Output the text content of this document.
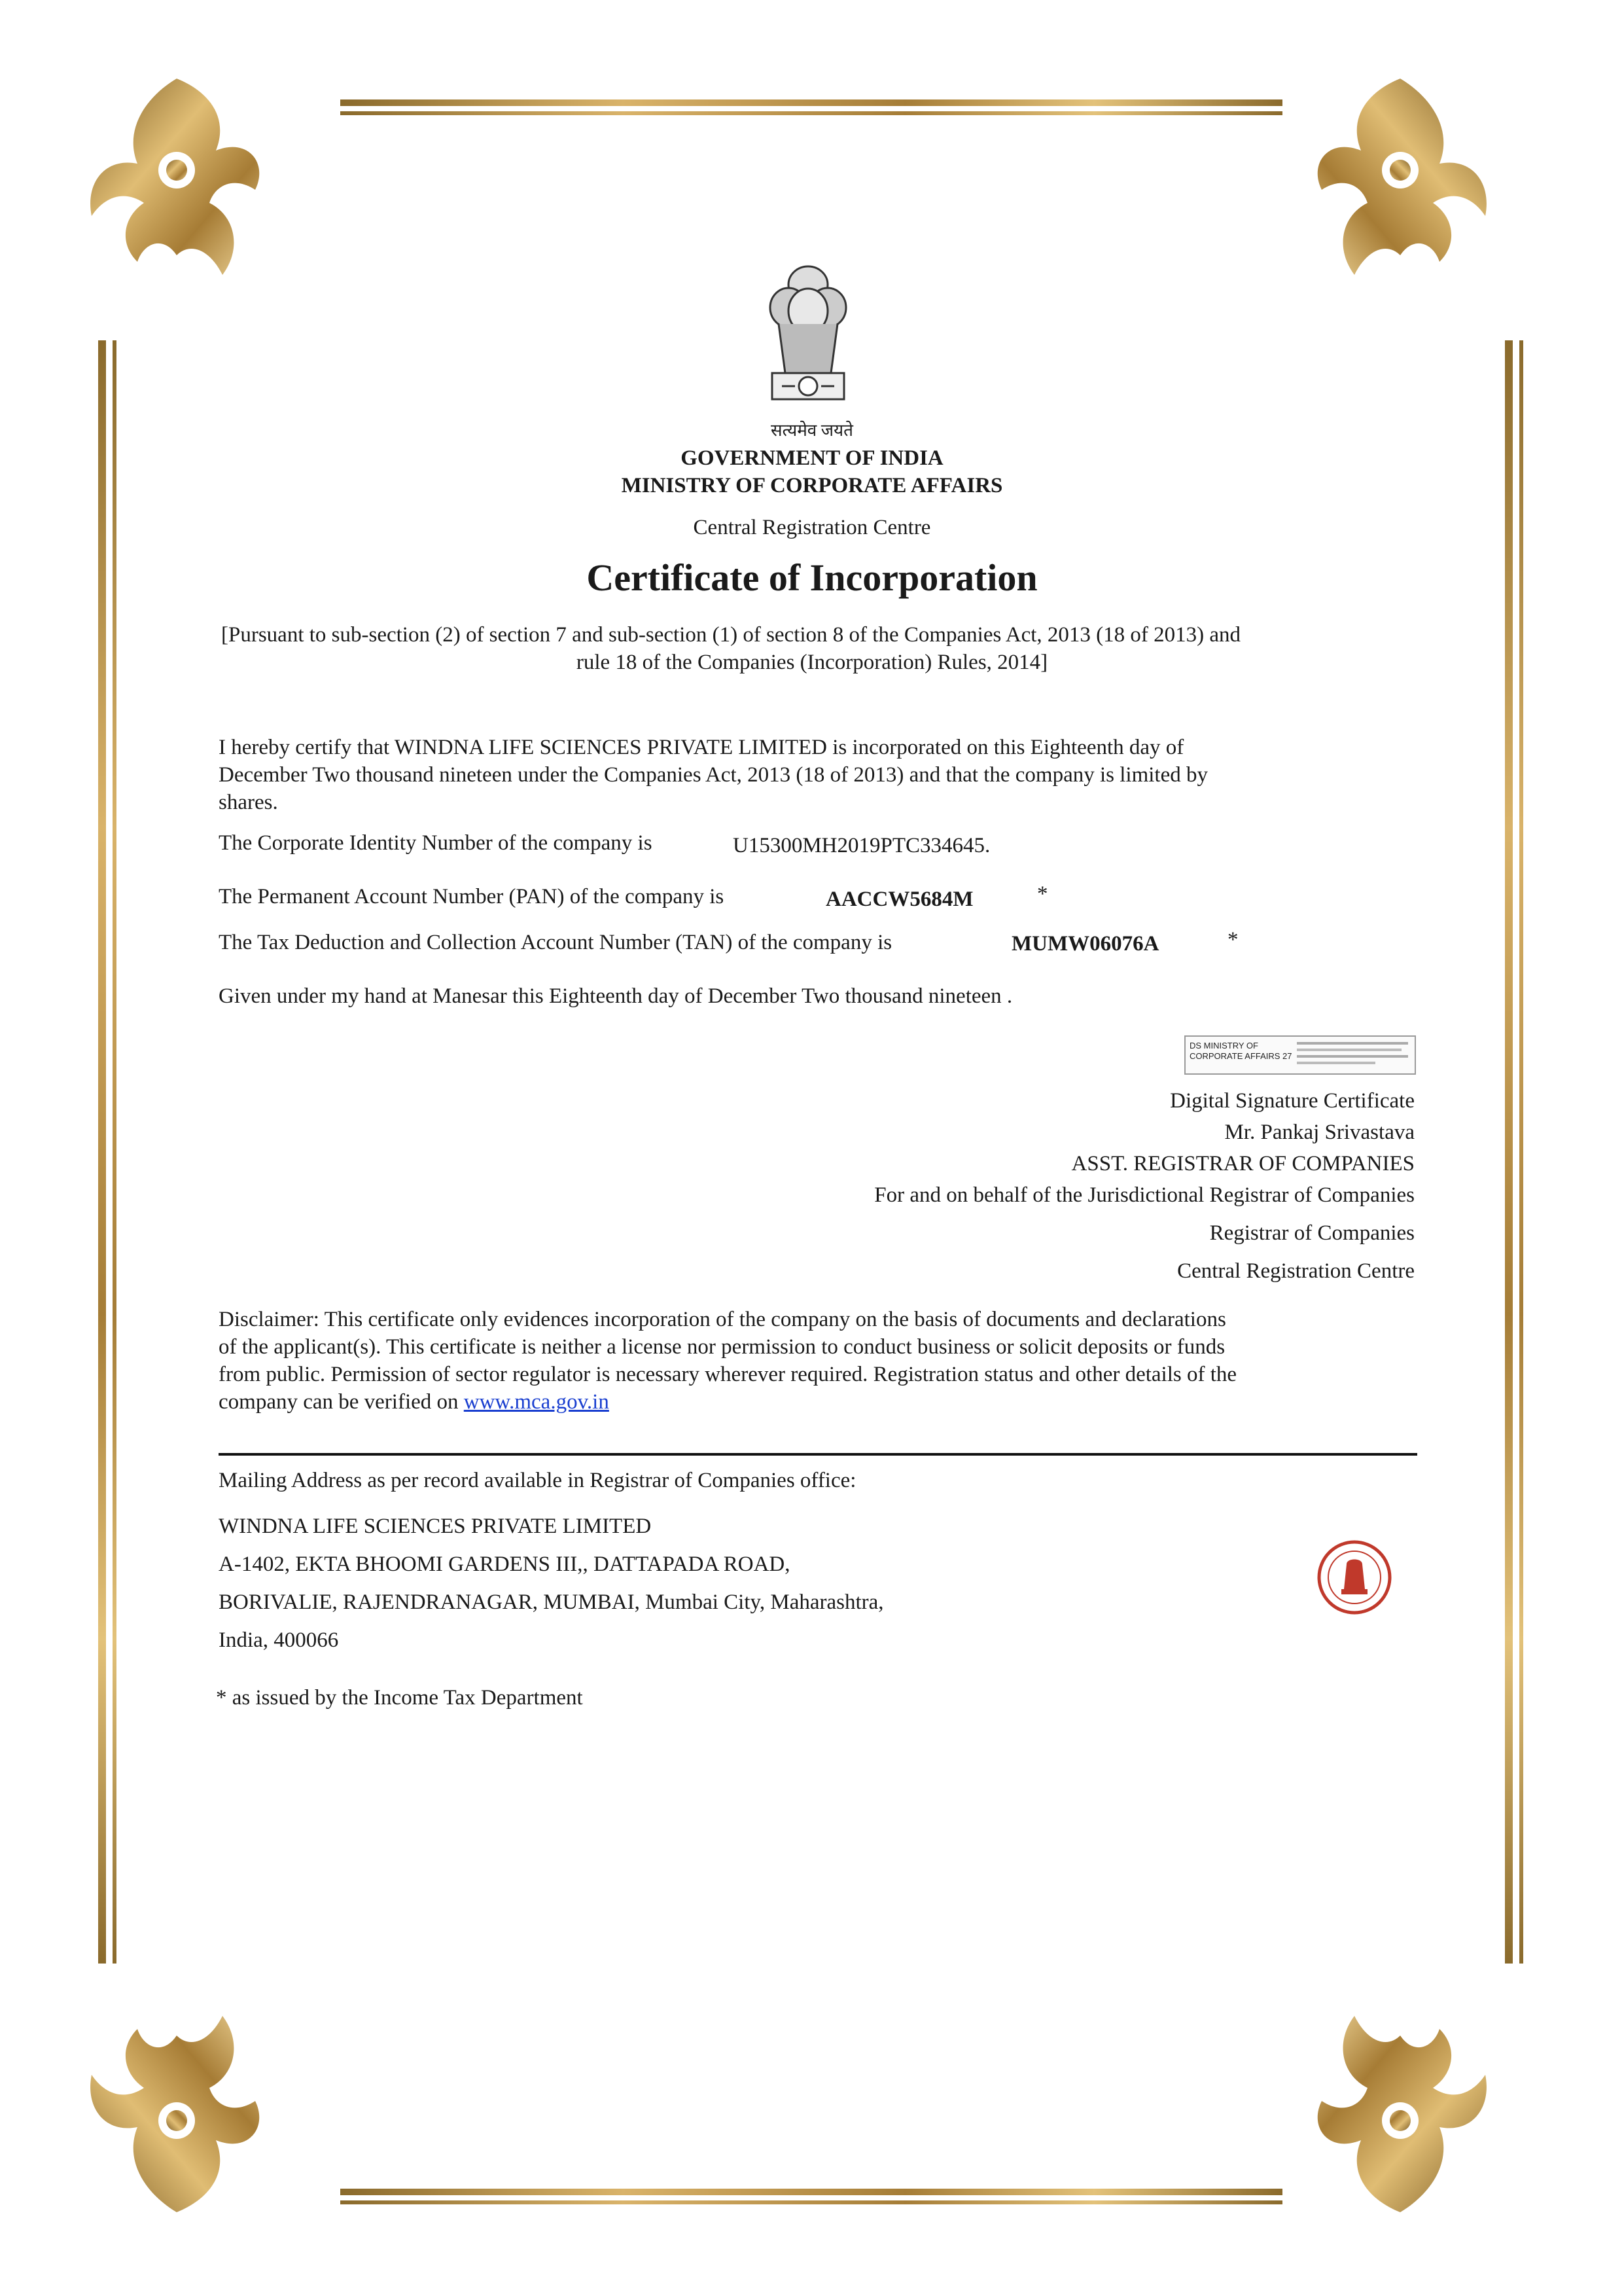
सत्यमेव जयते
GOVERNMENT OF INDIA
MINISTRY OF CORPORATE AFFAIRS
Central Registration Centre
Certificate of Incorporation
[Pursuant to sub-section (2) of section 7 and sub-section (1) of section 8 of the Companies Act, 2013 (18 of 2013) and
rule 18 of the Companies (Incorporation) Rules, 2014]
I hereby certify that WINDNA LIFE SCIENCES PRIVATE LIMITED is incorporated on this Eighteenth day of
December Two thousand nineteen under the Companies Act, 2013 (18 of 2013) and that the company is limited by
shares.
The Corporate Identity Number of the company is	U15300MH2019PTC334645.
The Permanent Account Number (PAN) of the company is	AACCW5684M	*
The Tax Deduction and Collection Account Number (TAN) of the company is	MUMW06076A	*
Given under my hand at Manesar this Eighteenth day of December Two thousand nineteen .
DS MINISTRY OF
CORPORATE AFFAIRS 27
Digital Signature Certificate
Mr. Pankaj Srivastava
ASST. REGISTRAR OF COMPANIES
For and on behalf of the Jurisdictional Registrar of Companies
Registrar of Companies
Central Registration Centre
Disclaimer: This certificate only evidences incorporation of the company on the basis of documents and declarations
of the applicant(s). This certificate is neither a license nor permission to conduct business or solicit deposits or funds
from public. Permission of sector regulator is necessary wherever required. Registration status and other details of the
company can be verified on www.mca.gov.in
Mailing Address as per record available in Registrar of Companies office:
WINDNA LIFE SCIENCES PRIVATE LIMITED
A-1402, EKTA BHOOMI GARDENS III,, DATTAPADA ROAD,
BORIVALIE, RAJENDRANAGAR, MUMBAI, Mumbai City, Maharashtra,
India, 400066
* as issued by the Income Tax Department
